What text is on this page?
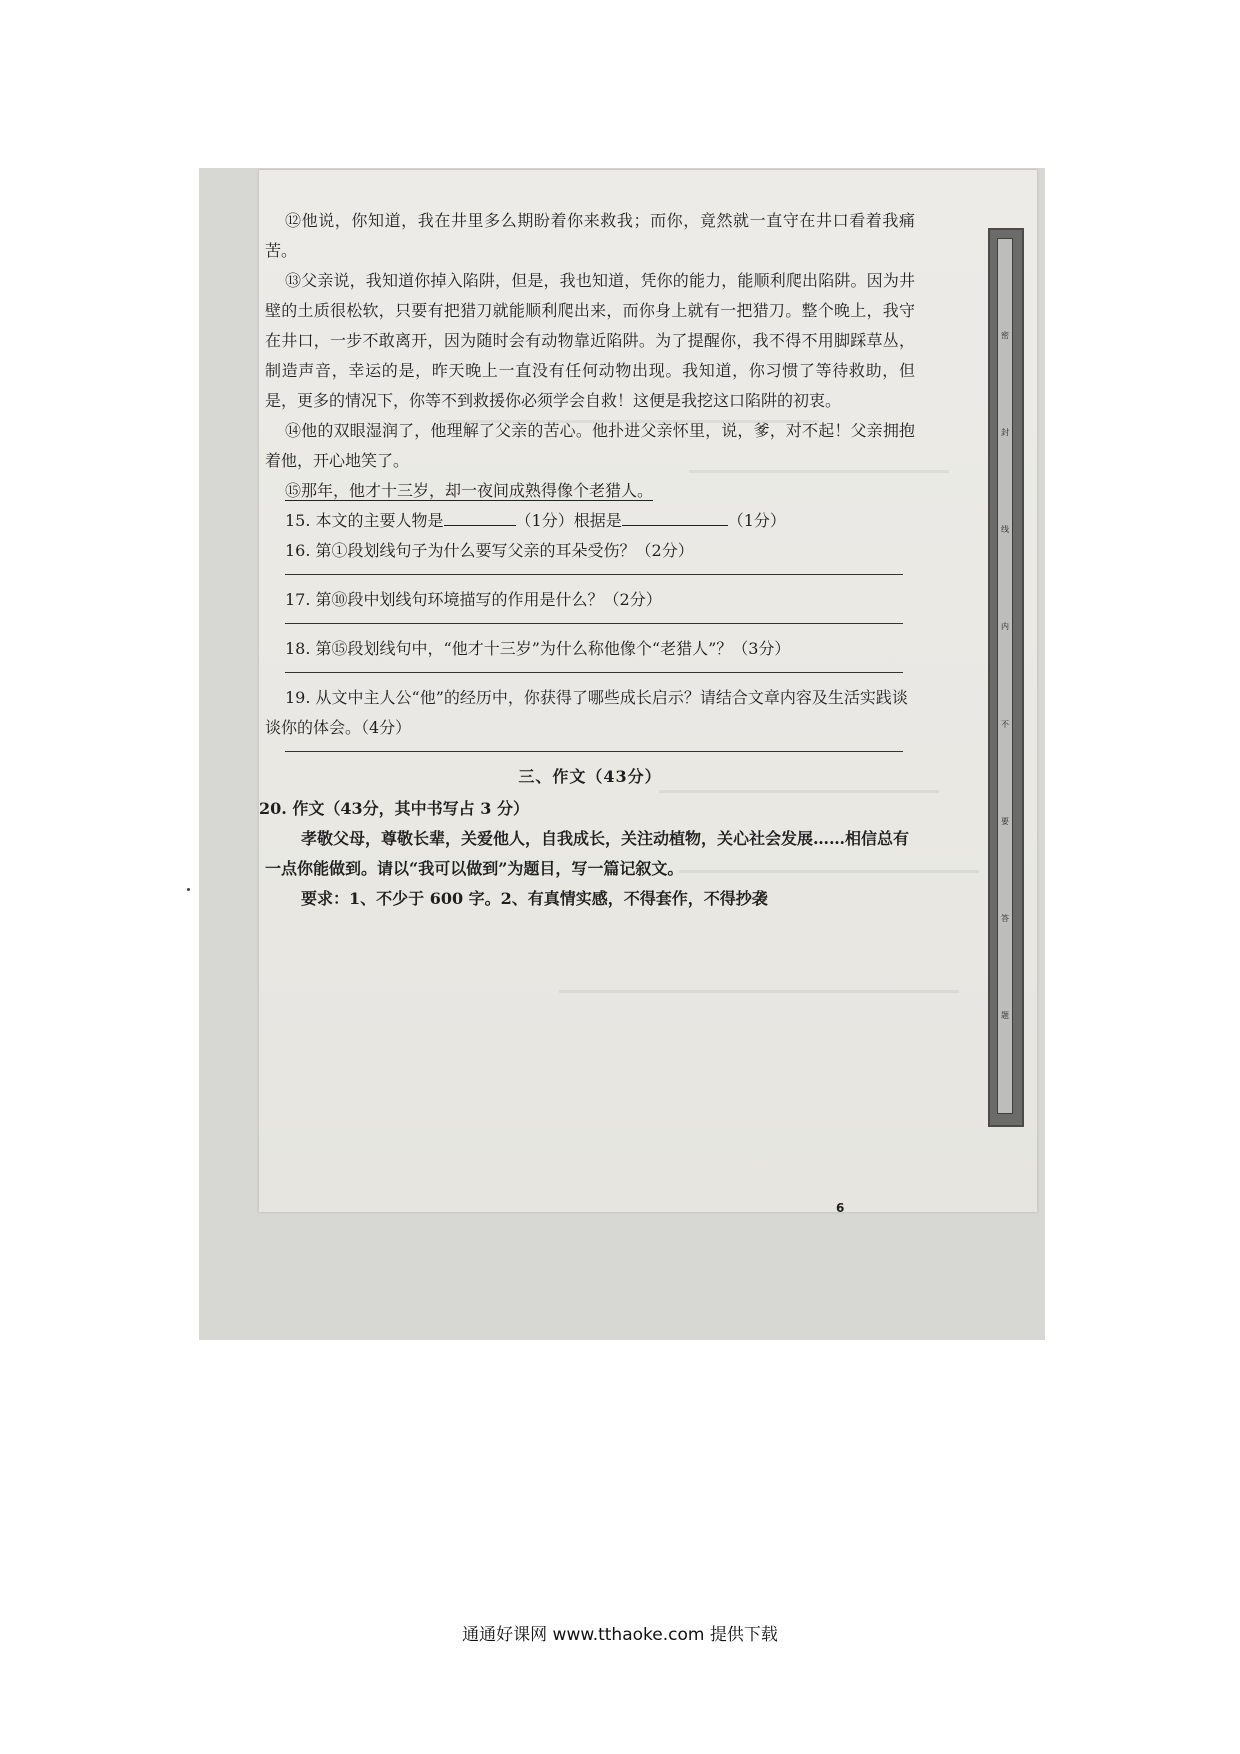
密
封
线
内
不
要
答
题
6

⑫他说，你知道，我在井里多么期盼着你来救我；而你，竟然就一直守在井口看着我痛苦。

⑬父亲说，我知道你掉入陷阱，但是，我也知道，凭你的能力，能顺利爬出陷阱。因为井壁的土质很松软，只要有把猎刀就能顺利爬出来，而你身上就有一把猎刀。整个晚上，我守在井口，一步不敢离开，因为随时会有动物靠近陷阱。为了提醒你，我不得不用脚踩草丛，制造声音，幸运的是，昨天晚上一直没有任何动物出现。我知道，你习惯了等待救助，但是，更多的情况下，你等不到救援你必须学会自救！这便是我挖这口陷阱的初衷。

⑭他的双眼湿润了，他理解了父亲的苦心。他扑进父亲怀里，说，爹，对不起！父亲拥抱着他，开心地笑了。

⑮那年，他才十三岁，却一夜间成熟得像个老猎人。

15. 本文的主要人物是	（1分）根据是	（1分）

16. 第①段划线句子为什么要写父亲的耳朵受伤？（2分）

17. 第⑩段中划线句环境描写的作用是什么？（2分）

18. 第⑮段划线句中，“他才十三岁”为什么称他像个“老猎人”？（3分）

19. 从文中主人公“他”的经历中，你获得了哪些成长启示？请结合文章内容及生活实践谈谈你的体会。（4分）

三、作文（43分）

20. 作文（43分，其中书写占 3 分）

孝敬父母，尊敬长辈，关爱他人，自我成长，关注动植物，关心社会发展……相信总有一点你能做到。请以“我可以做到”为题目，写一篇记叙文。

要求：1、不少于 600 字。2、有真情实感，不得套作，不得抄袭

通通好课网 www.tthaoke.com 提供下载
